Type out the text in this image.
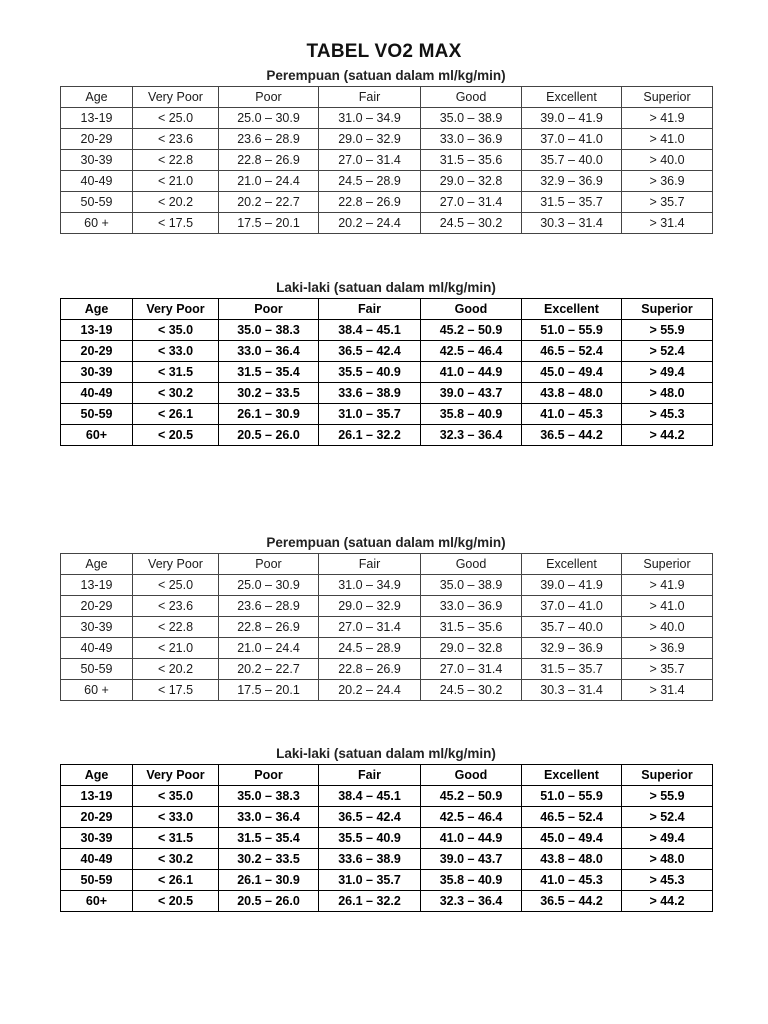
TABEL VO2 MAX
Perempuan (satuan dalam ml/kg/min)
Age	Very Poor	Poor	Fair	Good	Excellent	Superior
13-19	< 25.0	25.0 – 30.9	31.0 – 34.9	35.0 – 38.9	39.0 – 41.9	> 41.9
20-29	< 23.6	23.6 – 28.9	29.0 – 32.9	33.0 – 36.9	37.0 – 41.0	> 41.0
30-39	< 22.8	22.8 – 26.9	27.0 – 31.4	31.5 – 35.6	35.7 – 40.0	> 40.0
40-49	< 21.0	21.0 – 24.4	24.5 – 28.9	29.0 – 32.8	32.9 – 36.9	> 36.9
50-59	< 20.2	20.2 – 22.7	22.8 – 26.9	27.0 – 31.4	31.5 – 35.7	> 35.7
60 +	< 17.5	17.5 – 20.1	20.2 – 24.4	24.5 – 30.2	30.3 – 31.4	> 31.4
Laki-laki (satuan dalam ml/kg/min)
Age	Very Poor	Poor	Fair	Good	Excellent	Superior
13-19	< 35.0	35.0 – 38.3	38.4 – 45.1	45.2 – 50.9	51.0 – 55.9	> 55.9
20-29	< 33.0	33.0 – 36.4	36.5 – 42.4	42.5 – 46.4	46.5 – 52.4	> 52.4
30-39	< 31.5	31.5 – 35.4	35.5 – 40.9	41.0 – 44.9	45.0 – 49.4	> 49.4
40-49	< 30.2	30.2 – 33.5	33.6 – 38.9	39.0 – 43.7	43.8 – 48.0	> 48.0
50-59	< 26.1	26.1 – 30.9	31.0 – 35.7	35.8 – 40.9	41.0 – 45.3	> 45.3
60+	< 20.5	20.5 – 26.0	26.1 – 32.2	32.3 – 36.4	36.5 – 44.2	> 44.2
Perempuan (satuan dalam ml/kg/min)
Age	Very Poor	Poor	Fair	Good	Excellent	Superior
13-19	< 25.0	25.0 – 30.9	31.0 – 34.9	35.0 – 38.9	39.0 – 41.9	> 41.9
20-29	< 23.6	23.6 – 28.9	29.0 – 32.9	33.0 – 36.9	37.0 – 41.0	> 41.0
30-39	< 22.8	22.8 – 26.9	27.0 – 31.4	31.5 – 35.6	35.7 – 40.0	> 40.0
40-49	< 21.0	21.0 – 24.4	24.5 – 28.9	29.0 – 32.8	32.9 – 36.9	> 36.9
50-59	< 20.2	20.2 – 22.7	22.8 – 26.9	27.0 – 31.4	31.5 – 35.7	> 35.7
60 +	< 17.5	17.5 – 20.1	20.2 – 24.4	24.5 – 30.2	30.3 – 31.4	> 31.4
Laki-laki (satuan dalam ml/kg/min)
Age	Very Poor	Poor	Fair	Good	Excellent	Superior
13-19	< 35.0	35.0 – 38.3	38.4 – 45.1	45.2 – 50.9	51.0 – 55.9	> 55.9
20-29	< 33.0	33.0 – 36.4	36.5 – 42.4	42.5 – 46.4	46.5 – 52.4	> 52.4
30-39	< 31.5	31.5 – 35.4	35.5 – 40.9	41.0 – 44.9	45.0 – 49.4	> 49.4
40-49	< 30.2	30.2 – 33.5	33.6 – 38.9	39.0 – 43.7	43.8 – 48.0	> 48.0
50-59	< 26.1	26.1 – 30.9	31.0 – 35.7	35.8 – 40.9	41.0 – 45.3	> 45.3
60+	< 20.5	20.5 – 26.0	26.1 – 32.2	32.3 – 36.4	36.5 – 44.2	> 44.2
